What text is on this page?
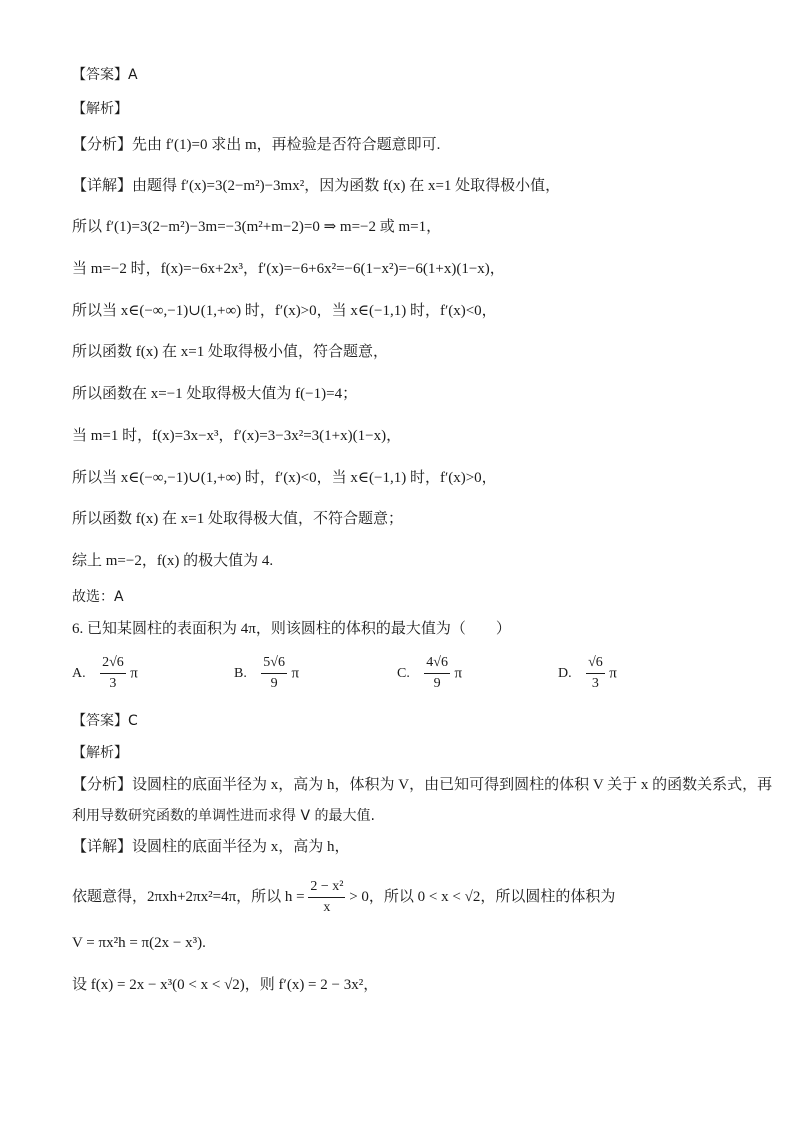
【答案】A
【解析】
【分析】先由 f′(1)=0 求出 m，再检验是否符合题意即可.
【详解】由题得 f′(x)=3(2−m²)−3mx²，因为函数 f(x) 在 x=1 处取得极小值，
所以 f′(1)=3(2−m²)−3m=−3(m²+m−2)=0 ⇒ m=−2 或 m=1，
当 m=−2 时，f(x)=−6x+2x³，f′(x)=−6+6x²=−6(1−x²)=−6(1+x)(1−x)，
所以当 x∈(−∞,−1)∪(1,+∞) 时，f′(x)>0，当 x∈(−1,1) 时，f′(x)<0，
所以函数 f(x) 在 x=1 处取得极小值，符合题意，
所以函数在 x=−1 处取得极大值为 f(−1)=4；
当 m=1 时，f(x)=3x−x³，f′(x)=3−3x²=3(1+x)(1−x)，
所以当 x∈(−∞,−1)∪(1,+∞) 时，f′(x)<0，当 x∈(−1,1) 时，f′(x)>0，
所以函数 f(x) 在 x=1 处取得极大值，不符合题意；
综上 m=−2，f(x) 的极大值为 4.
故选：A
6. 已知某圆柱的表面积为 4π，则该圆柱的体积的最大值为（　　）
A. $\frac{2√6}{3}$ π	B. $\frac{5√6}{9}$ π	C. $\frac{4√6}{9}$ π	D. $\frac{√6}{3}$ π
【答案】C
【解析】
【分析】设圆柱的底面半径为 x，高为 h，体积为 V，由已知可得到圆柱的体积 V 关于 x 的函数关系式，再
利用导数研究函数的单调性进而求得 V 的最大值.
【详解】设圆柱的底面半径为 x，高为 h，
依题意得，2πxh+2πx²=4π，所以 $h = \frac{\text{2 − x²}}{x} > 0$，所以 0 < x < √2，所以圆柱的体积为
V = πx²h = π(2x − x³).
设 f(x) = 2x − x³(0 < x < √2)，则 f′(x) = 2 − 3x²，
